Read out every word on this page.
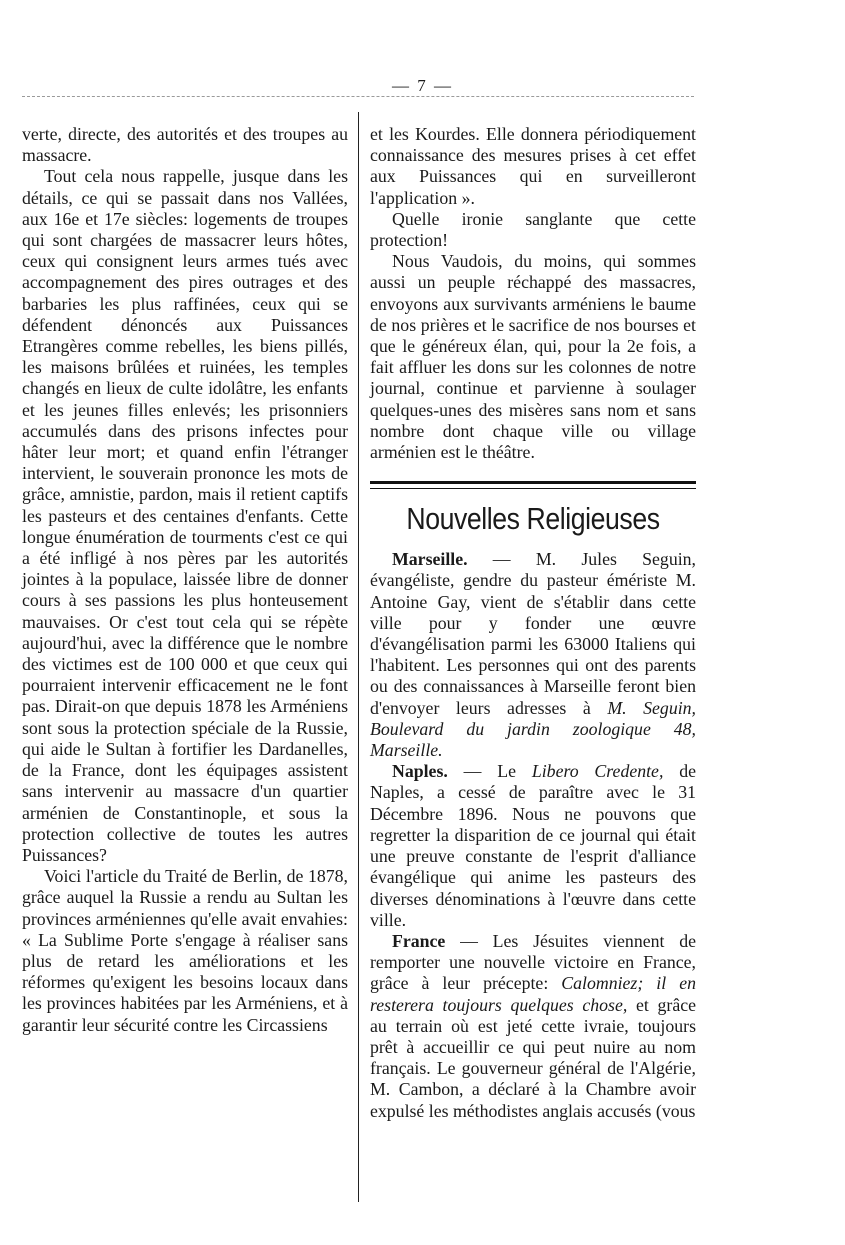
— 7 —

verte, directe, des autorités et des troupes au massacre.

Tout cela nous rappelle, jusque dans les détails, ce qui se passait dans nos Vallées, aux 16e et 17e siècles: logements de troupes qui sont chargées de massacrer leurs hôtes, ceux qui consignent leurs armes tués avec accompagnement des pires outrages et des barbaries les plus raffinées, ceux qui se défendent dénoncés aux Puissances Etrangères comme rebelles, les biens pillés, les maisons brûlées et ruinées, les temples changés en lieux de culte idolâtre, les enfants et les jeunes filles enlevés; les prisonniers accumulés dans des prisons infectes pour hâter leur mort; et quand enfin l'étranger intervient, le souverain prononce les mots de grâce, amnistie, pardon, mais il retient captifs les pasteurs et des centaines d'enfants. Cette longue énumération de tourments c'est ce qui a été infligé à nos pères par les autorités jointes à la populace, laissée libre de donner cours à ses passions les plus honteusement mauvaises. Or c'est tout cela qui se répète aujourd'hui, avec la différence que le nombre des victimes est de 100 000 et que ceux qui pourraient intervenir efficacement ne le font pas. Dirait-on que depuis 1878 les Arméniens sont sous la protection spéciale de la Russie, qui aide le Sultan à fortifier les Dardanelles, de la France, dont les équipages assistent sans intervenir au massacre d'un quartier arménien de Constantinople, et sous la protection collective de toutes les autres Puissances?

Voici l'article du Traité de Berlin, de 1878, grâce auquel la Russie a rendu au Sultan les provinces arméniennes qu'elle avait envahies: « La Sublime Porte s'engage à réaliser sans plus de retard les améliorations et les réformes qu'exigent les besoins locaux dans les provinces habitées par les Arméniens, et à garantir leur sécurité contre les Circassiens

et les Kourdes. Elle donnera périodiquement connaissance des mesures prises à cet effet aux Puissances qui en surveilleront l'application ».

Quelle ironie sanglante que cette protection!

Nous Vaudois, du moins, qui sommes aussi un peuple réchappé des massacres, envoyons aux survivants arméniens le baume de nos prières et le sacrifice de nos bourses et que le généreux élan, qui, pour la 2e fois, a fait affluer les dons sur les colonnes de notre journal, continue et parvienne à soulager quelques-unes des misères sans nom et sans nombre dont chaque ville ou village arménien est le théâtre.

Nouvelles Religieuses

Marseille. — M. Jules Seguin, évangéliste, gendre du pasteur émériste M. Antoine Gay, vient de s'établir dans cette ville pour y fonder une œuvre d'évangélisation parmi les 63000 Italiens qui l'habitent. Les personnes qui ont des parents ou des connaissances à Marseille feront bien d'envoyer leurs adresses à M. Seguin, Boulevard du jardin zoologique 48, Marseille.

Naples. — Le Libero Credente, de Naples, a cessé de paraître avec le 31 Décembre 1896. Nous ne pouvons que regretter la disparition de ce journal qui était une preuve constante de l'esprit d'alliance évangélique qui anime les pasteurs des diverses dénominations à l'œuvre dans cette ville.

France — Les Jésuites viennent de remporter une nouvelle victoire en France, grâce à leur précepte: Calomniez; il en resterera toujours quelques chose, et grâce au terrain où est jeté cette ivraie, toujours prêt à accueillir ce qui peut nuire au nom français. Le gouverneur général de l'Algérie, M. Cambon, a déclaré à la Chambre avoir expulsé les méthodistes anglais accusés (vous
